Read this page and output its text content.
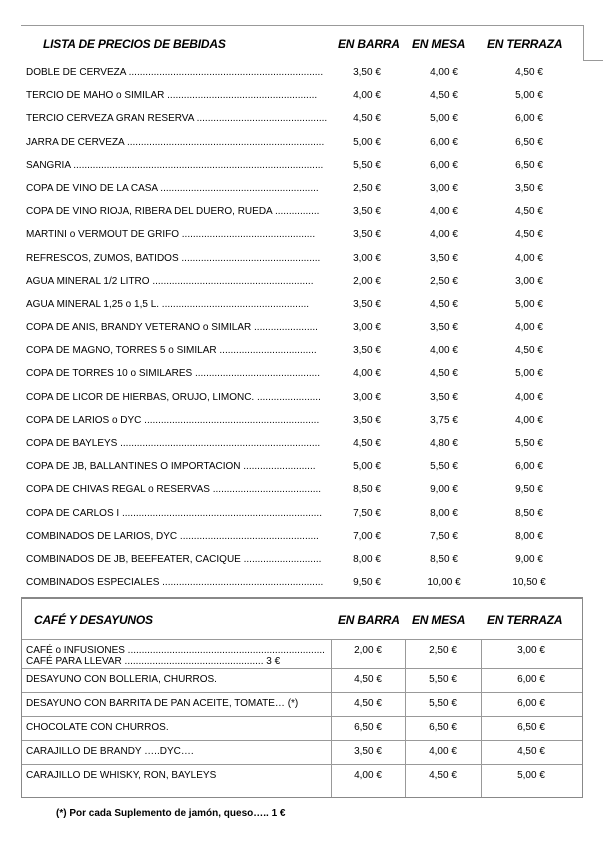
LISTA DE PRECIOS DE BEBIDAS	EN BARRA EN MESA EN TERRAZA
DOBLE DE CERVEZA ......................................................................	3,50 €	4,00 €	4,50 €
TERCIO DE MAHO o SIMILAR ......................................................	4,00 €	4,50 €	5,00 €
TERCIO CERVEZA GRAN RESERVA ...............................................	4,50 €	5,00 €	6,00 €
JARRA DE CERVEZA .......................................................................	5,00 €	6,00 €	6,50 €
SANGRIA ..........................................................................................	5,50 €	6,00 €	6,50 €
COPA DE VINO DE LA CASA .........................................................	2,50 €	3,00 €	3,50 €
COPA DE VINO RIOJA, RIBERA DEL DUERO, RUEDA ................	3,50 €	4,00 €	4,50 €
MARTINI o VERMOUT DE GRIFO ................................................	3,50 €	4,00 €	4,50 €
REFRESCOS, ZUMOS, BATIDOS ..................................................	3,00 €	3,50 €	4,00 €
AGUA MINERAL 1/2 LITRO ..........................................................	2,00 €	2,50 €	3,00 €
AGUA MINERAL 1,25 o 1,5 L. .....................................................	3,50 €	4,50 €	5,00 €
COPA DE ANIS, BRANDY VETERANO o SIMILAR .......................	3,00 €	3,50 €	4,00 €
COPA DE MAGNO, TORRES 5 o SIMILAR ...................................	3,50 €	4,00 €	4,50 €
COPA DE TORRES 10 o SIMILARES .............................................	4,00 €	4,50 €	5,00 €
COPA DE LICOR DE HIERBAS, ORUJO, LIMONC. .......................	3,00 €	3,50 €	4,00 €
COPA DE LARIOS o DYC ...............................................................	3,50 €	3,75 €	4,00 €
COPA DE BAYLEYS ........................................................................	4,50 €	4,80 €	5,50 €
COPA DE JB, BALLANTINES O IMPORTACION ..........................	5,00 €	5,50 €	6,00 €
COPA DE CHIVAS REGAL o RESERVAS .......................................	8,50 €	9,00 €	9,50 €
COPA DE CARLOS I ........................................................................	7,50 €	8,00 €	8,50 €
COMBINADOS DE LARIOS, DYC ..................................................	7,00 €	7,50 €	8,00 €
COMBINADOS DE JB, BEEFEATER, CACIQUE ............................	8,00 €	8,50 €	9,00 €
COMBINADOS ESPECIALES ..........................................................	9,50 €	10,00 €	10,50 €
CAFÉ Y DESAYUNOS	EN BARRA EN MESA EN TERRAZA
CAFÉ o INFUSIONES .......................................................................
CAFÉ PARA LLEVAR .................................................. 3 €
2,00 €	2,50 €	3,00 €
DESAYUNO CON BOLLERIA, CHURROS.	4,50 €	5,50 €	6,00 €
DESAYUNO CON BARRITA DE PAN ACEITE, TOMATE… (*)	4,50 €	5,50 €	6,00 €
CHOCOLATE CON CHURROS.	6,50 €	6,50 €	6,50 €
CARAJILLO DE BRANDY …..DYC….	3,50 €	4,00 €	4,50 €
CARAJILLO DE WHISKY, RON, BAYLEYS	4,00 €	4,50 €	5,00 €
(*) Por cada Suplemento de jamón, queso….. 1 €
